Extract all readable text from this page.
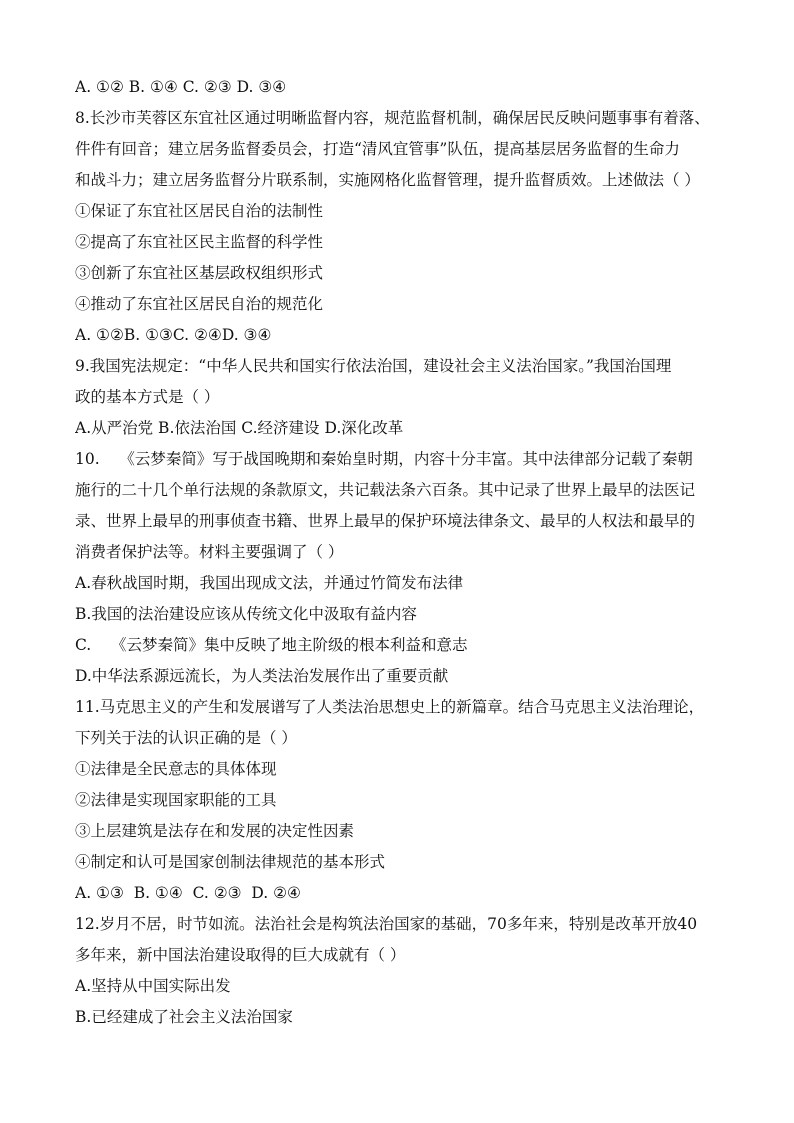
A. ①② B. ①④ C. ②③ D. ③④
8.长沙市芙蓉区东宜社区通过明晰监督内容，规范监督机制，确保居民反映问题事事有着落、
件件有回音；建立居务监督委员会，打造“清风宜管事”队伍，提高基层居务监督的生命力
和战斗力；建立居务监督分片联系制，实施网格化监督管理，提升监督质效。上述做法（ ）
①保证了东宜社区居民自治的法制性
②提高了东宜社区民主监督的科学性
③创新了东宜社区基层政权组织形式
④推动了东宜社区居民自治的规范化
A. ①②B. ①③C. ②④D. ③④
9.我国宪法规定：“中华人民共和国实行依法治国，建设社会主义法治国家。”我国治国理
政的基本方式是（ ）
A.从严治党 B.依法治国 C.经济建设 D.深化改革
10.    《云梦秦简》写于战国晚期和秦始皇时期，内容十分丰富。其中法律部分记载了秦朝
施行的二十几个单行法规的条款原文，共记载法条六百条。其中记录了世界上最早的法医记
录、世界上最早的刑事侦查书籍、世界上最早的保护环境法律条文、最早的人权法和最早的
消费者保护法等。材料主要强调了（ ）
A.春秋战国时期，我国出现成文法，并通过竹简发布法律
B.我国的法治建设应该从传统文化中汲取有益内容
C.    《云梦秦简》集中反映了地主阶级的根本利益和意志
D.中华法系源远流长，为人类法治发展作出了重要贡献
11.马克思主义的产生和发展谱写了人类法治思想史上的新篇章。结合马克思主义法治理论，
下列关于法的认识正确的是（ ）
①法律是全民意志的具体体现
②法律是实现国家职能的工具
③上层建筑是法存在和发展的决定性因素
④制定和认可是国家创制法律规范的基本形式
A. ①③  B. ①④  C. ②③  D. ②④
12.岁月不居，时节如流。法治社会是构筑法治国家的基础，70多年来，特别是改革开放40
多年来，新中国法治建设取得的巨大成就有（ ）
A.坚持从中国实际出发
B.已经建成了社会主义法治国家
